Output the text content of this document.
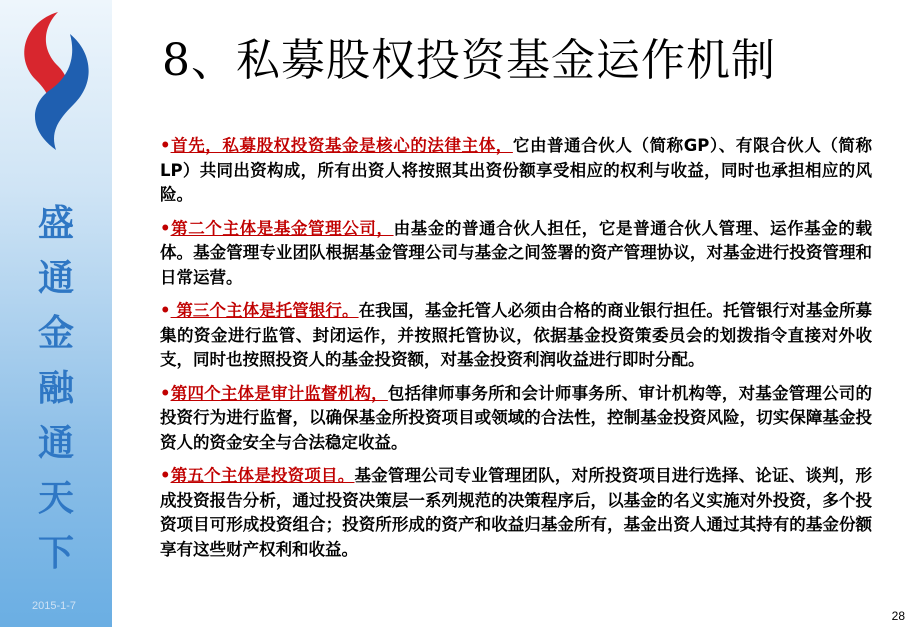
盛
通
金
融
通
天
下
2015-1-7
8、私募股权投资基金运作机制
•首先，私募股权投资基金是核心的法律主体，它由普通合伙人（简称GP）、有限合伙人（简称LP）共同出资构成，所有出资人将按照其出资份额享受相应的权利与收益，同时也承担相应的风险。
•第二个主体是基金管理公司，由基金的普通合伙人担任，它是普通合伙人管理、运作基金的载体。基金管理专业团队根据基金管理公司与基金之间签署的资产管理协议，对基金进行投资管理和日常运营。
• 第三个主体是托管银行。在我国，基金托管人必须由合格的商业银行担任。托管银行对基金所募集的资金进行监管、封闭运作，并按照托管协议，依据基金投资策委员会的划拨指令直接对外收支，同时也按照投资人的基金投资额，对基金投资利润收益进行即时分配。
•第四个主体是审计监督机构，包括律师事务所和会计师事务所、审计机构等，对基金管理公司的投资行为进行监督，以确保基金所投资项目或领域的合法性，控制基金投资风险，切实保障基金投资人的资金安全与合法稳定收益。
•第五个主体是投资项目。基金管理公司专业管理团队，对所投资项目进行选择、论证、谈判，形成投资报告分析，通过投资决策层一系列规范的决策程序后，以基金的名义实施对外投资，多个投资项目可形成投资组合；投资所形成的资产和收益归基金所有，基金出资人通过其持有的基金份额享有这些财产权利和收益。
28
